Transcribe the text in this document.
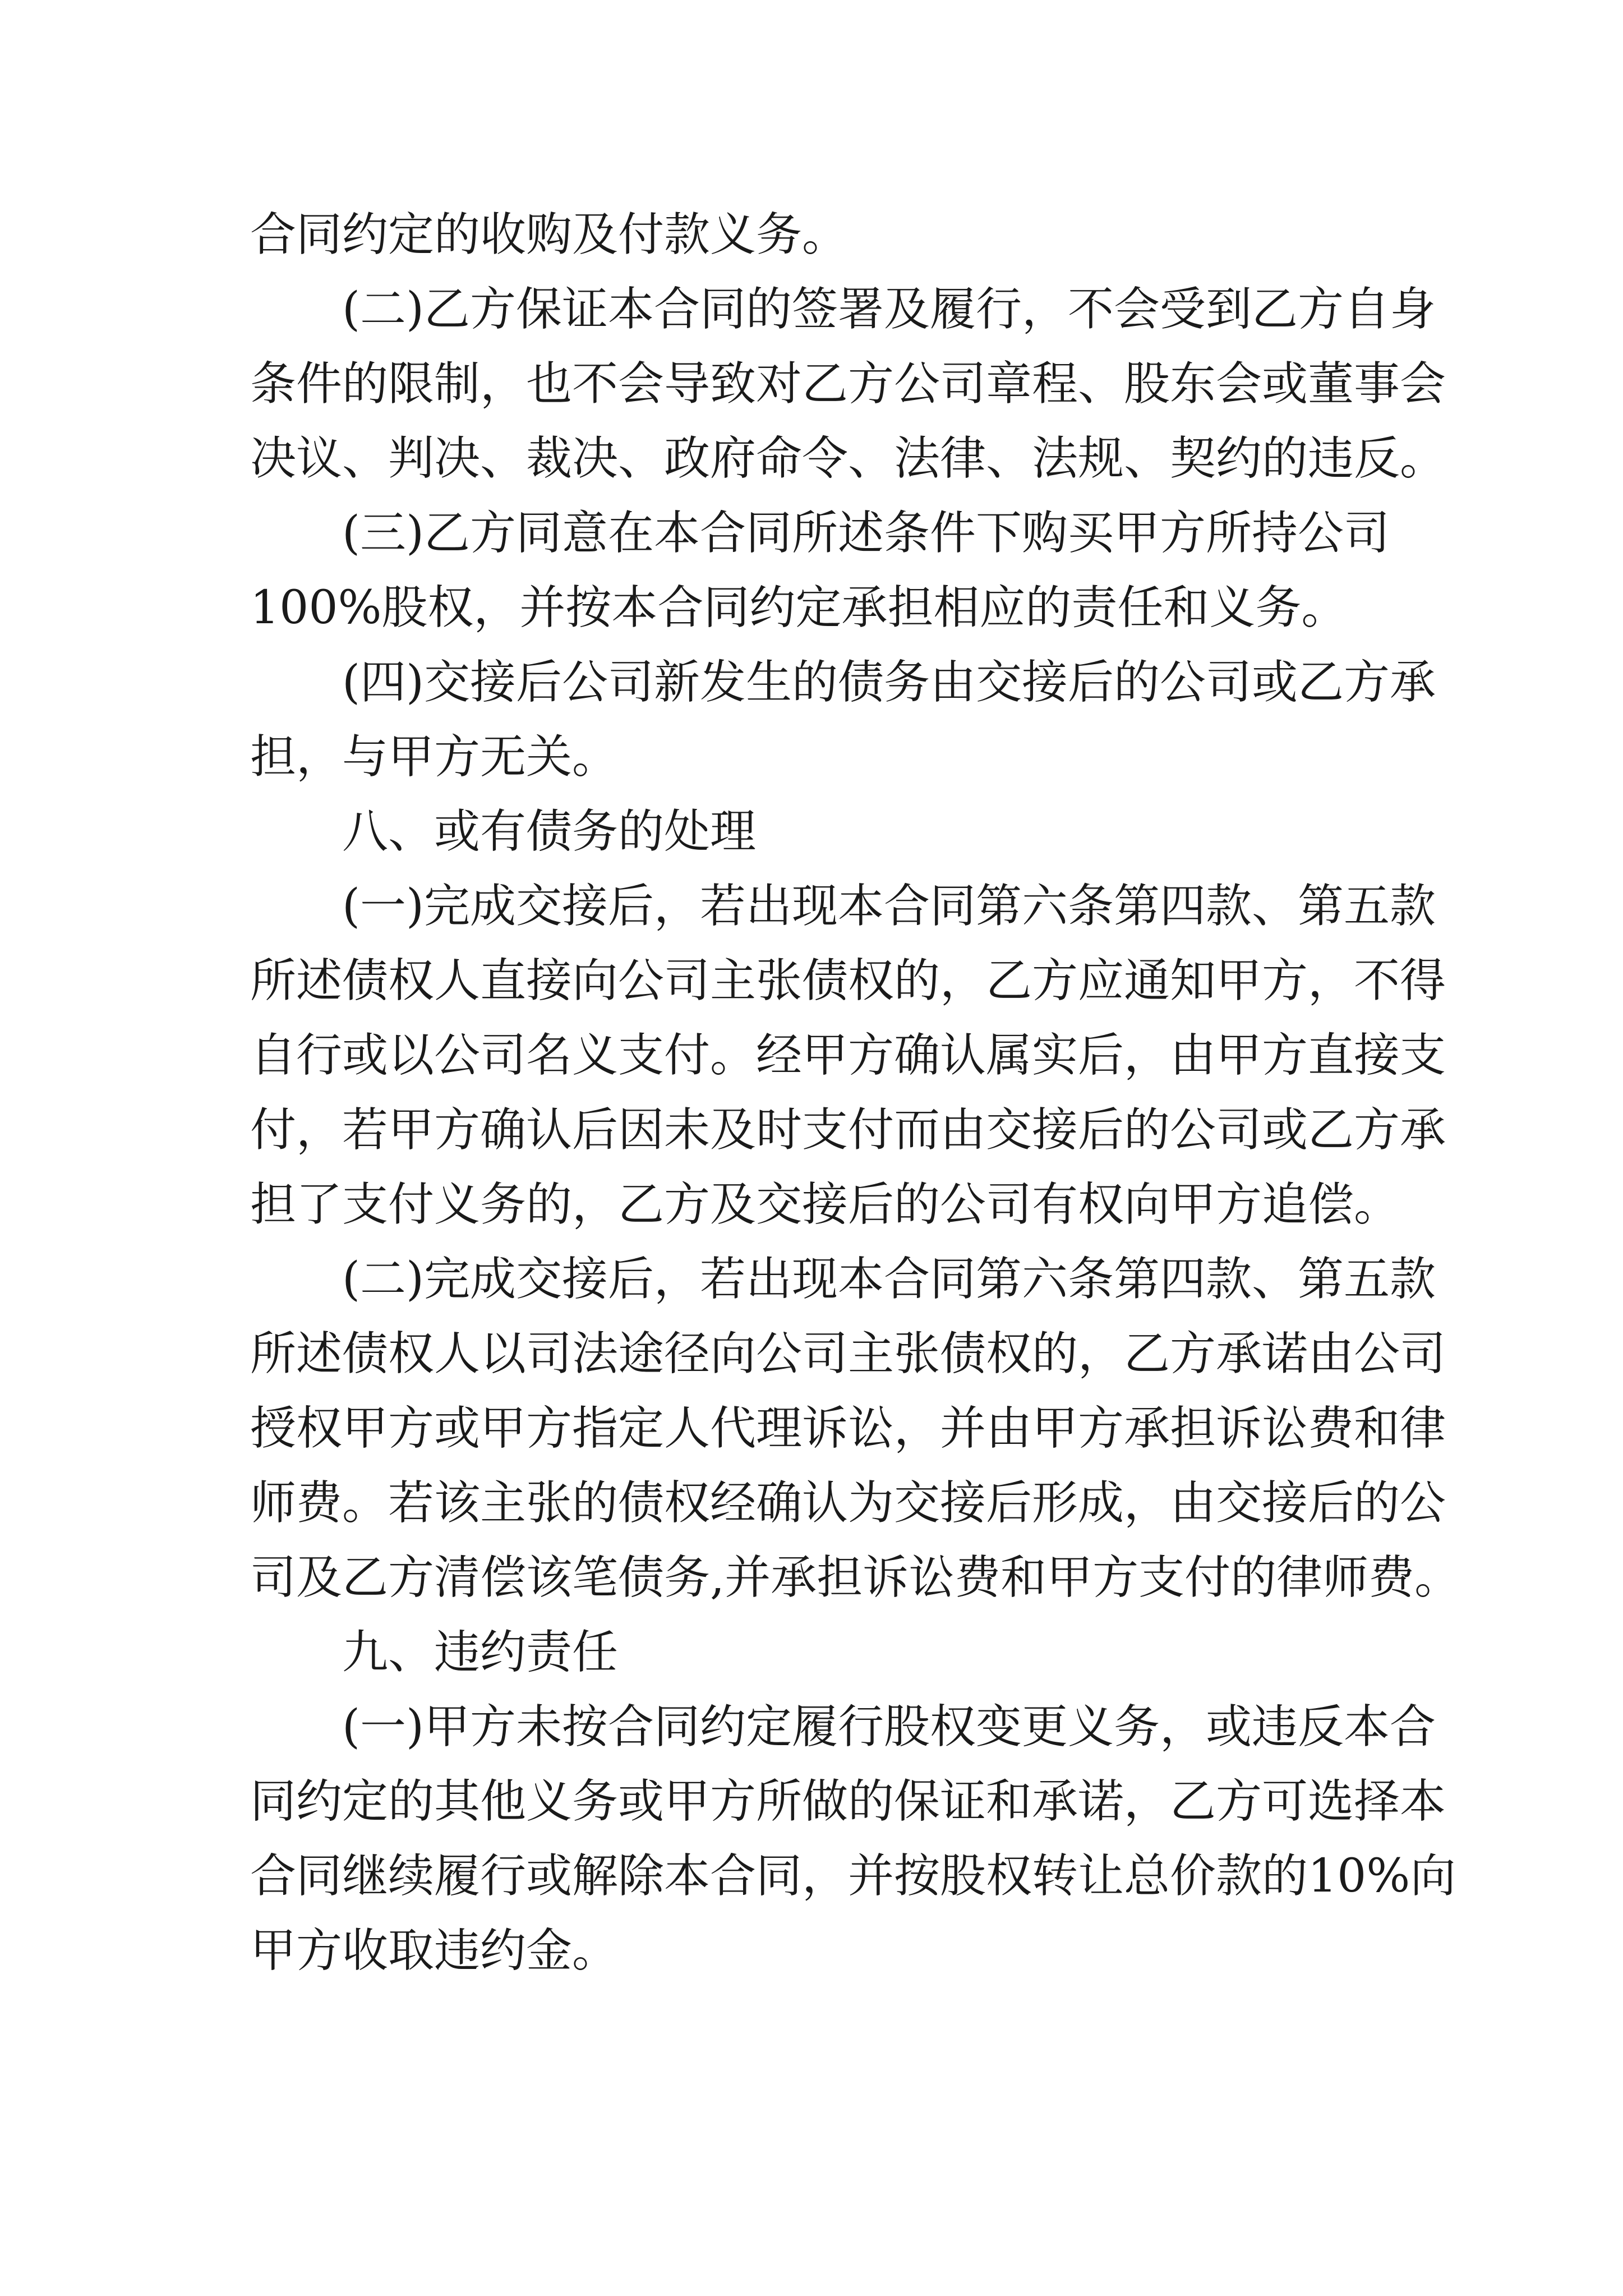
合同约定的收购及付款义务。
(二)乙方保证本合同的签署及履行，不会受到乙方自身
条件的限制，也不会导致对乙方公司章程、股东会或董事会
决议、判决、裁决、政府命令、法律、法规、契约的违反。
(三)乙方同意在本合同所述条件下购买甲方所持公司
100%股权，并按本合同约定承担相应的责任和义务。
(四)交接后公司新发生的债务由交接后的公司或乙方承
担，与甲方无关。
八、或有债务的处理
(一)完成交接后，若出现本合同第六条第四款、第五款
所述债权人直接向公司主张债权的，乙方应通知甲方，不得
自行或以公司名义支付。经甲方确认属实后，由甲方直接支
付，若甲方确认后因未及时支付而由交接后的公司或乙方承
担了支付义务的，乙方及交接后的公司有权向甲方追偿。
(二)完成交接后，若出现本合同第六条第四款、第五款
所述债权人以司法途径向公司主张债权的，乙方承诺由公司
授权甲方或甲方指定人代理诉讼，并由甲方承担诉讼费和律
师费。若该主张的债权经确认为交接后形成，由交接后的公
司及乙方清偿该笔债务,并承担诉讼费和甲方支付的律师费。
九、违约责任
(一)甲方未按合同约定履行股权变更义务，或违反本合
同约定的其他义务或甲方所做的保证和承诺，乙方可选择本
合同继续履行或解除本合同，并按股权转让总价款的10%向
甲方收取违约金。
